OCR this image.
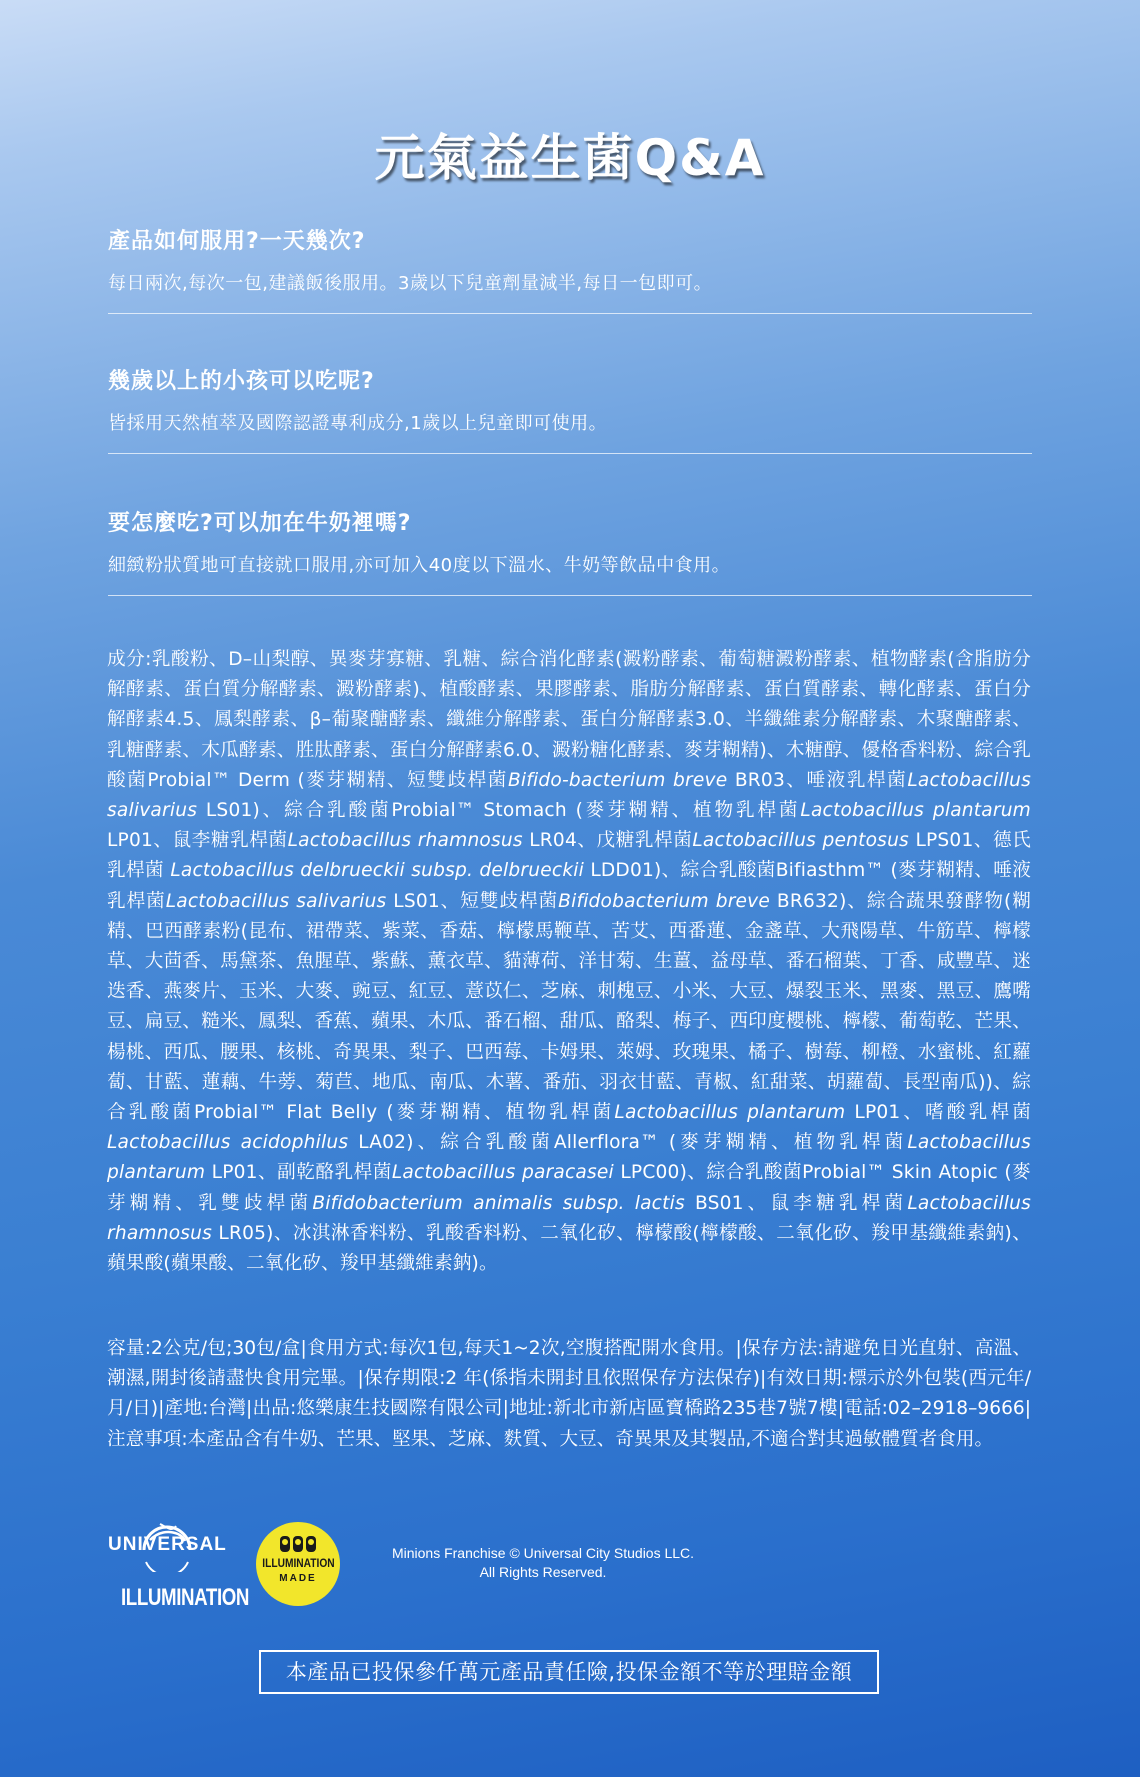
元氣益生菌Q&A
產品如何服用?一天幾次?
每日兩次,每次一包,建議飯後服用。3歲以下兒童劑量減半,每日一包即可。
幾歲以上的小孩可以吃呢?
皆採用天然植萃及國際認證專利成分,1歲以上兒童即可使用。
要怎麼吃?可以加在牛奶裡嗎?
細緻粉狀質地可直接就口服用,亦可加入40度以下溫水、牛奶等飲品中食用。
成分:乳酸粉、D–山梨醇、異麥芽寡糖、乳糖、綜合消化酵素(澱粉酵素、葡萄糖澱粉酵素、植物酵素(含脂肪分解酵素、蛋白質分解酵素、澱粉酵素)、植酸酵素、果膠酵素、脂肪分解酵素、蛋白質酵素、轉化酵素、蛋白分解酵素4.5、鳳梨酵素、β–葡聚醣酵素、纖維分解酵素、蛋白分解酵素3.0、半纖維素分解酵素、木聚醣酵素、乳糖酵素、木瓜酵素、胜肽酵素、蛋白分解酵素6.0、澱粉糖化酵素、麥芽糊精)、木糖醇、優格香料粉、綜合乳酸菌Probial™ Derm (麥芽糊精、短雙歧桿菌Bifido-bacterium breve BR03、唾液乳桿菌Lactobacillus salivarius LS01)、綜合乳酸菌Probial™ Stomach (麥芽糊精、植物乳桿菌Lactobacillus plantarum LP01、鼠李糖乳桿菌Lactobacillus rhamnosus LR04、戊糖乳桿菌Lactobacillus pentosus LPS01、德氏乳桿菌 Lactobacillus delbrueckii subsp. delbrueckii LDD01)、綜合乳酸菌Bifiasthm™ (麥芽糊精、唾液乳桿菌Lactobacillus salivarius LS01、短雙歧桿菌Bifidobacterium breve BR632)、綜合蔬果發酵物(糊精、巴西酵素粉(昆布、裙帶菜、紫菜、香菇、檸檬馬鞭草、苦艾、西番蓮、金盞草、大飛陽草、牛筋草、檸檬草、大茴香、馬黛茶、魚腥草、紫蘇、薰衣草、貓薄荷、洋甘菊、生薑、益母草、番石榴葉、丁香、咸豐草、迷迭香、燕麥片、玉米、大麥、豌豆、紅豆、薏苡仁、芝麻、刺槐豆、小米、大豆、爆裂玉米、黑麥、黑豆、鷹嘴豆、扁豆、糙米、鳳梨、香蕉、蘋果、木瓜、番石榴、甜瓜、酪梨、梅子、西印度櫻桃、檸檬、葡萄乾、芒果、楊桃、西瓜、腰果、核桃、奇異果、梨子、巴西莓、卡姆果、萊姆、玫瑰果、橘子、樹莓、柳橙、水蜜桃、紅蘿蔔、甘藍、蓮藕、牛蒡、菊苣、地瓜、南瓜、木薯、番茄、羽衣甘藍、青椒、紅甜菜、胡蘿蔔、長型南瓜))、綜合乳酸菌Probial™ Flat Belly (麥芽糊精、植物乳桿菌Lactobacillus plantarum LP01、嗜酸乳桿菌Lactobacillus acidophilus LA02)、綜合乳酸菌Allerflora™ (麥芽糊精、植物乳桿菌Lactobacillus plantarum LP01、副乾酪乳桿菌Lactobacillus paracasei LPC00)、綜合乳酸菌Probial™ Skin Atopic (麥芽糊精、乳雙歧桿菌Bifidobacterium animalis subsp. lactis BS01、鼠李糖乳桿菌Lactobacillus rhamnosus LR05)、冰淇淋香料粉、乳酸香料粉、二氧化矽、檸檬酸(檸檬酸、二氧化矽、羧甲基纖維素鈉)、蘋果酸(蘋果酸、二氧化矽、羧甲基纖維素鈉)。
容量:2公克/包;30包/盒|食用方式:每次1包,每天1~2次,空腹搭配開水食用。|保存方法:請避免日光直射、高溫、潮濕,開封後請盡快食用完畢。|保存期限:2 年(係指未開封且依照保存方法保存)|有效日期:標示於外包裝(西元年/月/日)|產地:台灣|出品:悠樂康生技國際有限公司|地址:新北市新店區寶橋路235巷7號7樓|電話:02–2918–9666|注意事項:本產品含有牛奶、芒果、堅果、芝麻、麩質、大豆、奇異果及其製品,不適合對其過敏體質者食用。
UNIVERSAL
ILLUMINATION
ILLUMINATION
MADE
Minions Franchise © Universal City Studios LLC.
All Rights Reserved.
本產品已投保參仟萬元產品責任險,投保金額不等於理賠金額
